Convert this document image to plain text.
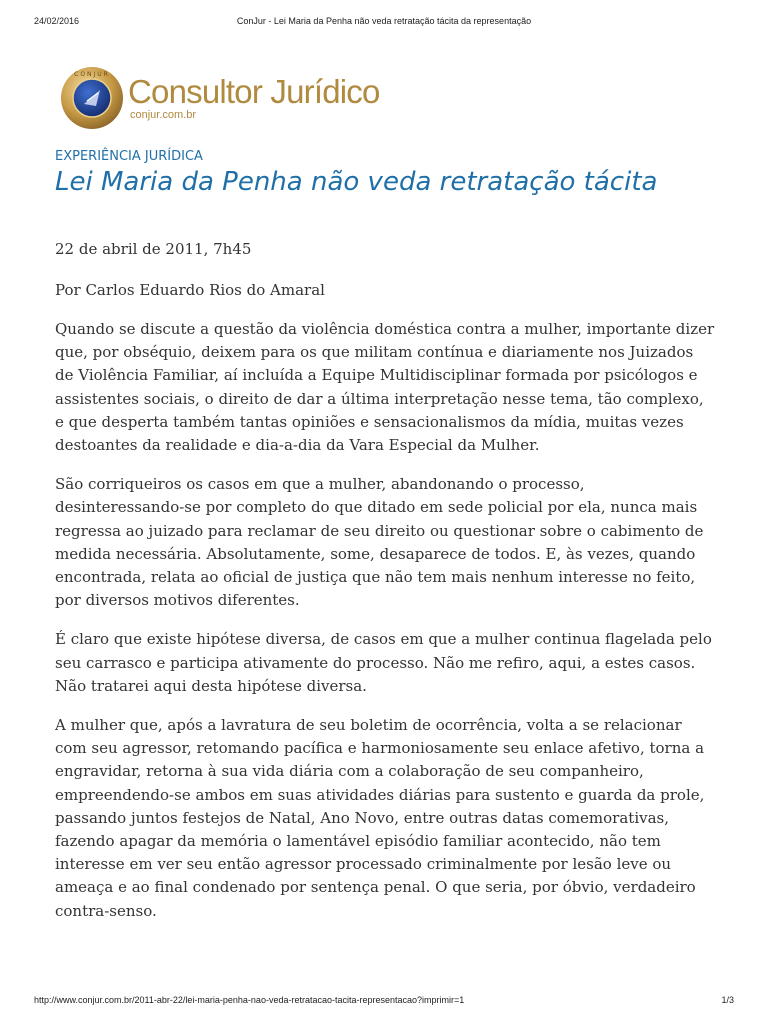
24/02/2016	ConJur - Lei Maria da Penha não veda retratação tácita da representação
CONJUR Consultor Jurídico
conjur.com.br
EXPERIÊNCIA JURÍDICA
Lei Maria da Penha não veda retratação tácita
22 de abril de 2011, 7h45
Por Carlos Eduardo Rios do Amaral

Quando se discute a questão da violência doméstica contra a mulher, importante dizer que, por obséquio, deixem para os que militam contínua e diariamente nos Juizados de Violência Familiar, aí incluída a Equipe Multidisciplinar formada por psicólogos e assistentes sociais, o direito de dar a última interpretação nesse tema, tão complexo, e que desperta também tantas opiniões e sensacionalismos da mídia, muitas vezes destoantes da realidade e dia-a-dia da Vara Especial da Mulher.

São corriqueiros os casos em que a mulher, abandonando o processo, desinteressando-se por completo do que ditado em sede policial por ela, nunca mais regressa ao juizado para reclamar de seu direito ou questionar sobre o cabimento de medida necessária. Absolutamente, some, desaparece de todos. E, às vezes, quando encontrada, relata ao oficial de justiça que não tem mais nenhum interesse no feito, por diversos motivos diferentes.

É claro que existe hipótese diversa, de casos em que a mulher continua flagelada pelo seu carrasco e participa ativamente do processo. Não me refiro, aqui, a estes casos. Não tratarei aqui desta hipótese diversa.

A mulher que, após a lavratura de seu boletim de ocorrência, volta a se relacionar com seu agressor, retomando pacífica e harmoniosamente seu enlace afetivo, torna a engravidar, retorna à sua vida diária com a colaboração de seu companheiro, empreendendo-se ambos em suas atividades diárias para sustento e guarda da prole, passando juntos festejos de Natal, Ano Novo, entre outras datas comemorativas, fazendo apagar da memória o lamentável episódio familiar acontecido, não tem interesse em ver seu então agressor processado criminalmente por lesão leve ou ameaça e ao final condenado por sentença penal. O que seria, por óbvio, verdadeiro contra-senso.

http://www.conjur.com.br/2011-abr-22/lei-maria-penha-nao-veda-retratacao-tacita-representacao?imprimir=1	1/3
